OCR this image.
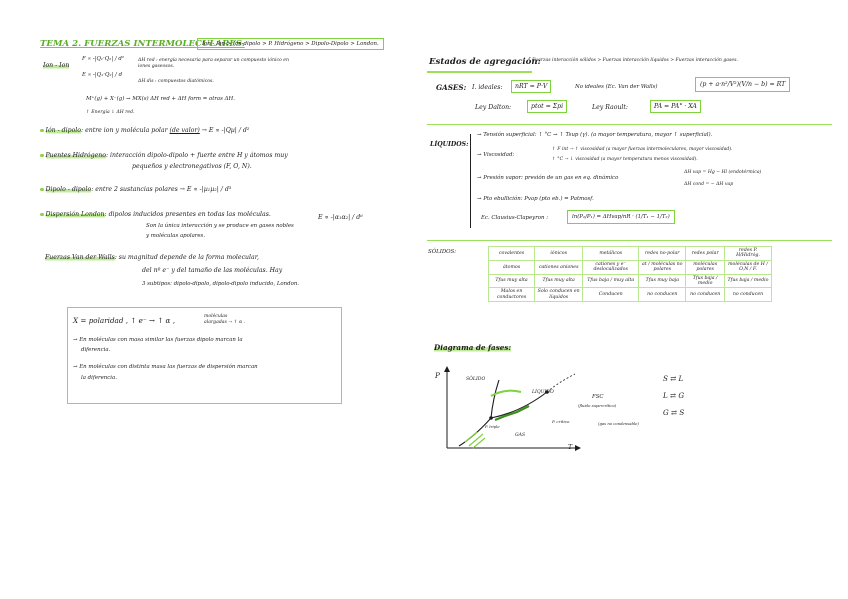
TEMA 2. FUERZAS INTERMOLECULARES.
Ion - Ion > Ion-dipolo > P. Hidrógeno > Dipolo-Dipolo > London.
Ion - Ion
F ∝ -|Q₁·Q₂| / d²
E ∝ -|Q₁·Q₂| / d
ΔH red : energía necesaria para separar un compuesto iónico en iones gaseosos.
ΔH dis : compuestos diatómicos.
M⁺(g) + X⁻(g) → MX(s) ΔH red + ΔH form = otras ΔH.
↑ Energía ↓ ΔH red.
Ión - dipolo: entre ion y molécula polar (de valor) → E ∝ -|Qµ| / d²
Puentes Hidrógeno: interacción dipolo-dipolo + fuerte entre H y átomos muy
pequeños y electronegativos (F, O, N).
Dipolo - dipolo: entre 2 sustancias polares → E ∝ -|µ₁µ₂| / d³
Dispersión London: dipolos inducidos presentes en todas las moléculas.
Son la única interacción y se produce en gases nobles
y moléculas apolares.
E ∝ -|α₁α₂| / d⁶
Fuerzas Van der Walls: su magnitud depende de la forma molecular,
del nº e⁻ y del tamaño de las moléculas. Hay
3 subtipos: dipolo-dipolo, dipolo-dipolo inducido, London.
X = polaridad , ↑ e⁻ → ↑ α ,	moléculas alargadas → ↑ α .
→ En moléculas con masa similar las fuerzas dipolo marcan la
diferencia.
→ En moléculas con distinta masa las fuerzas de dispersión marcan
la diferencia.
Estados de agregación:
Fuerzas interacción sólidos > Fuerzas interacción líquidos > Fuerzas interacción gases.
GASES: I. ideales:	nRT = P·V	No ideales (Ec. Van der Walls)	(p + a·n²/V²)(V/n − b) = RT
Ley Dalton:	ptot = Σpi	Ley Raoult:	PA = PA° · XA
LÍQUIDOS:
→ Tensión superficial: ↑ °C → ↑ Tsup (γ). (a mayor temperatura, mayor ↑ superficial).
→ Viscosidad:
↑ F int → ↑ viscosidad (a mayor fuerzas intermoleculares, mayor viscosidad).
↑ °C → ↓ viscosidad (a mayor temperatura menos viscosidad).
→ Presión vapor: presión de un gas en eq. dinámico
ΔH vap = Hg − Hl (endotérmica)
ΔH cond = − ΔH vap
→ Pto ebullición: Pvap (pto eb.) = Patmosf.
Ec. Clausius-Clapeyron :	ln(P₂/P₁) = ΔHvap/nR · (1/T₁ − 1/T₂)
SÓLIDOS:	covalentes	iónicos	metálicos	redes no-polar	redes polar	redes P. H/Hidróg.
átomos	cationes aniones	cationes y e⁻ deslocalizados	at / moléculas no polares	moléculas polares	moléculas de H / O,N / F.
Tfus muy alta	Tfus muy alta	Tfus baja / muy alta	Tfus muy baja	Tfus baja / medio	Tfus baja / medio
Malos en conductores	Solo conducen en líquidos	Conducen	no conducen	no conducen	no conducen
Diagrama de fases:
P
T
SÓLIDO
LÍQUIDO
GAS
(gas no condensable)
FSC
(fluido supercrítico)
P. crítico
P. triple
S ⇄ L
L ⇄ G
G ⇄ S
